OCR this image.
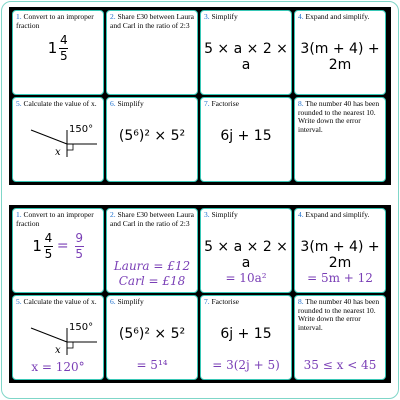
1. Convert to an improper fraction
$1 \frac{4}{5}$
2. Share £30 between Laura and Carl in the ratio of 2:3
3. Simplify
5 × a × 2 × a
4. Expand and simplify.
3(m + 4) + 2m
5. Calculate the value of x.
150°
x
6. Simplify
(5⁶)² × 5²
7. Factorise
6j + 15
8. The number 40 has been rounded to the nearest 10. Write down the error interval.
1. Convert to an improper fraction
$1 \frac{4}{5} = \frac{9}{5}$
2. Share £30 between Laura and Carl in the ratio of 2:3
Laura = £12
Carl = £18
3. Simplify
5 × a × 2 × a
= 10a²
4. Expand and simplify.
3(m + 4) + 2m
= 5m + 12
5. Calculate the value of x.
150°
x
x = 120°
6. Simplify
(5⁶)² × 5²
= 5¹⁴
7. Factorise
6j + 15
= 3(2j + 5)
8. The number 40 has been rounded to the nearest 10. Write down the error interval.
35 ≤ x < 45
